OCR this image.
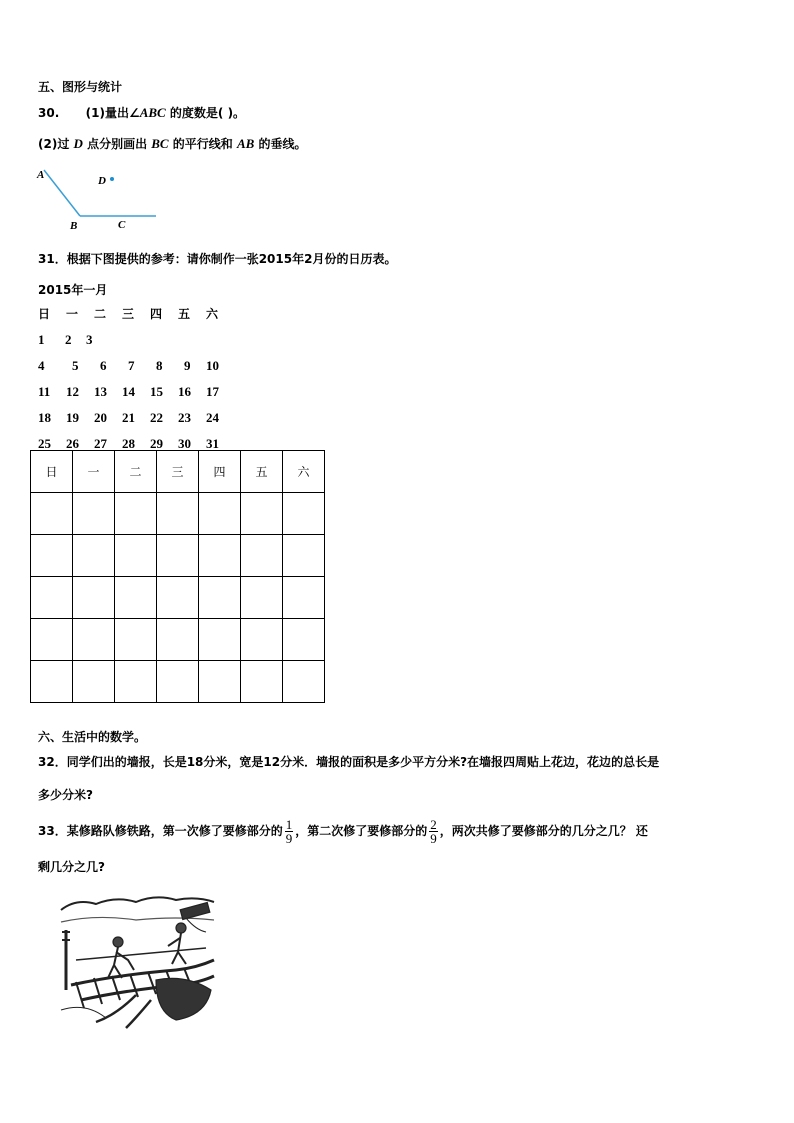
五、图形与统计
30. (1)量出∠ABC 的度数是( )。
(2)过 D 点分别画出 BC 的平行线和 AB 的垂线。
A
B	C
D
31．根据下图提供的参考：请你制作一张2015年2月份的日历表。
2015年一月
日	一	二	三	四	五	六
1	2	3
4	5	6	7	8	9	10
11	12	13	14	15	16	17
18	19	20	21	22	23	24
25	26	27	28	29	30	31
日	一	二	三	四	五	六

六、生活中的数学。
32．同学们出的墙报，长是18分米，宽是12分米．墙报的面积是多少平方分米?在墙报四周贴上花边，花边的总长是
多少分米?
33．某修路队修铁路，第一次修了要修部分的 $\frac{1}{9}$ ，第二次修了要修部分的 $\frac{2}{9}$ ，两次共修了要修部分的几分之几？ 还
剩几分之几?
